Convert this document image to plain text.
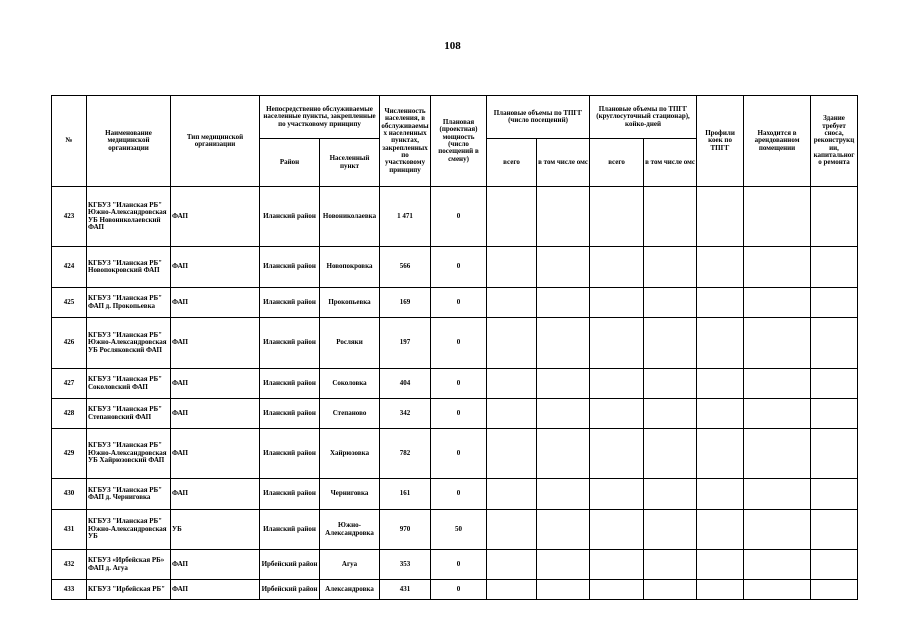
108
№	Наименование медицинской организации	Тип медицинской организации	Непосредственно обслуживаемые населенные пункты, закрепленные по участковому принципу		Численность населения, в обслуживаемых населенных пунктах, закрепленных по участковому принципу	Плановая (проектная) мощность (число посещений в смену)	Плановые объемы по ТПГГ (число посещений)		Плановые объемы по ТПГГ (круглосуточный стационар), койко-дней		Профили коек по ТПГГ	Находится в арендованном помещении	Здание требует сноса, реконструкции, капитального ремонта
			Район	Населенный пункт			всего	в том числе омс	всего	в том числе омс			
423	КГБУЗ "Иланская РБ" Южно-Александровская УБ Новониколаевский ФАП	ФАП	Иланский район	Новониколаевка	1 471	0							
424	КГБУЗ "Иланская РБ" Новопокровский ФАП	ФАП	Иланский район	Новопокровка	566	0							
425	КГБУЗ "Иланская РБ" ФАП д. Прокопьевка	ФАП	Иланский район	Прокопьевка	169	0							
426	КГБУЗ "Иланская РБ" Южно-Александровская УБ Росляковский ФАП	ФАП	Иланский район	Росляки	197	0							
427	КГБУЗ "Иланская РБ" Соколовский ФАП	ФАП	Иланский район	Соколовка	404	0							
428	КГБУЗ "Иланская РБ" Степановский ФАП	ФАП	Иланский район	Степаново	342	0							
429	КГБУЗ "Иланская РБ" Южно-Александровская УБ Хайрюзовский ФАП	ФАП	Иланский район	Хайрюзовка	782	0							
430	КГБУЗ "Иланская РБ" ФАП д. Черниговка	ФАП	Иланский район	Черниговка	161	0							
431	КГБУЗ "Иланская РБ" Южно-Александровская УБ	УБ	Иланский район	Южно-Александровка	970	50							
432	КГБУЗ «Ирбейская РБ» ФАП д. Агуа	ФАП	Ирбейский район	Агуа	353	0							
433	КГБУЗ "Ирбейская РБ"	ФАП	Ирбейский район	Александровка	431	0							
